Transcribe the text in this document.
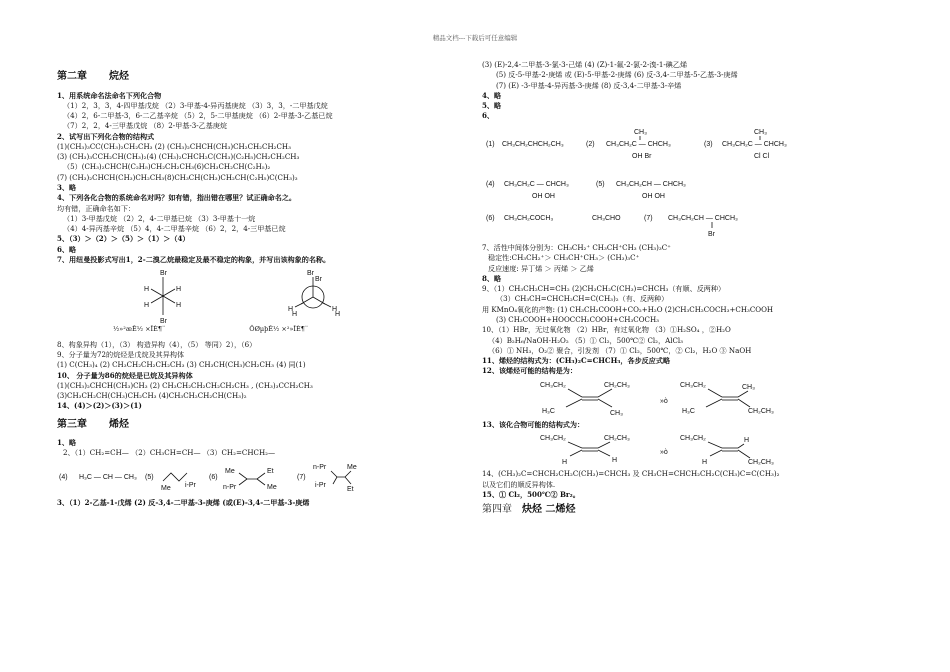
精品文档---下载后可任意编辑

第二章 烷烃

1、用系统命名法命名下列化合物

（1）2，3，3，4-四甲基戊烷 （2）3-甲基-4-异丙基庚烷 （3）3，3，-二甲基戊烷

（4）2，6-二甲基-3，6-二乙基辛烷 （5）2，5-二甲基庚烷 （6）2-甲基-3-乙基已烷

（7）2，2，4-三甲基戊烷 （8）2-甲基-3-乙基庚烷

2、试写出下列化合物的结构式

(1)(CH₃)₃CC(CH₃)₂CH₂CH₃ (2) (CH₃)₂CHCH(CH₃)CH₂CH₂CH₂CH₃

(3) (CH₃)₃CCH₂CH(CH₃)₂(4) (CH₃)₂CHCH₂C(CH₃)(C₂H₅)CH₂CH₂CH₃

（5）(CH₃)₂CHCH(C₂H₅)CH₂CH₂CH₃(6)CH₃CH₂CH(C₂H₅)₂

(7) (CH₃)₂CHCH(CH₃)CH₂CH₃(8)CH₃CH(CH₃)CH₂CH(C₂H₅)C(CH₃)₃

3、略

4、下列各化合物的系统命名对吗？如有错，指出错在哪里？试正确命名之。

均有错，正确命名如下：

（1）3-甲基戊烷 （2）2，4-二甲基已烷 （3）3-甲基十一烷

（4）4-异丙基辛烷 （5）4，4-二甲基辛烷 （6）2，2，4-三甲基已烷

5、（3）＞（2）＞（5）＞（1）＞（4）

6、略

7、用纽曼投影式写出1，2-二溴乙烷最稳定及最不稳定的构象，并写出该构象的名称。

Br
H	H
H	H
Br
Br
Br
H
H
H
H
½»²æÊ½ ×ÎÈ¶¨	ÖØµþÊ½ ×²»ÎÈ¶¨

8、构象异构（1），（3） 构造异构（4），（5） 等同）2），（6）

9、分子量为72的烷烃是戊烷及其异构体

(1) C(CH₃)₄ (2) CH₃CH₂CH₂CH₂CH₃ (3) CH₃CH(CH₃)CH₂CH₃ (4) 同(1)

10、 分子量为86的烷烃是已烷及其异构体

(1)(CH₃)₂CHCH(CH₃)CH₃ (2) CH₃CH₂CH₂CH₂CH₂CH₃ , (CH₃)₃CCH₂CH₃

(3)CH₃CH₂CH(CH₃)CH₂CH₃ (4)CH₃CH₂CH₂CH(CH₃)₂

14、(4)＞(2)＞(3)＞(1)

第三章 烯烃

1、略

2、（1）CH₂=CH— （2）CH₃CH=CH— （3）CH₂=CHCH₂—

(4) H₃C — CH — CH₃ (5)
Me i-Pr
(6)
Me
n-Pr
Et
Me
(7)
n-Pr
i-Pr
Me
Et

3、（1）2-乙基-1-戊烯 (2) 反-3,4-二甲基-3-庚烯 (或(E)-3,4-二甲基-3-庚烯

(3) (E)-2,4-二甲基-3-氯-3-己烯 (4) (Z)-1-氟-2-氯-2-溴-1-碘乙烯

(5) 反-5-甲基-2-庚烯 或 (E)-5-甲基-2-庚烯 (6) 反-3,4-二甲基-5-乙基-3-庚烯

(7) (E) -3-甲基-4-异丙基-3-庚烯 (8) 反-3,4-二甲基-3-辛烯

4、略

5、略

6、

(1) CH₃CH₂CHCH₂CH₃	(2)
CH₃
CH₃CH₂C — CHCH₃
OH Br
(3)
CH₃
CH₃CH₂C — CHCH₃
Cl Cl
(4) CH₃CH₂C — CHCH₃
OH OH
(5) CH₃CH₂CH — CHCH₃
OH OH
(6) CH₃CH₂COCH₃	CH₃CHO	(7) CH₃CH₂CH — CHCH₃
Br

7、活性中间体分别为：CH₃CH₂⁺ CH₃CH⁺CH₃ (CH₃)₃C⁺

稳定性:CH₃CH₂⁺＞ CH₃CH⁺CH₃＞ (CH₃)₃C⁺

反应速度: 异丁烯 ＞ 丙烯 ＞ 乙烯

8、略

9、（1）CH₃CH₂CH=CH₂ (2)CH₃CH₂C(CH₃)=CHCH₃（有顺、反两种）

（3）CH₃CH=CHCH₂CH=C(CH₃)₂（有、反两种）

用 KMnO₄氧化的产物: (1) CH₃CH₂COOH+CO₂+H₂O (2)CH₃CH₂COCH₃+CH₃COOH

(3) CH₃COOH+HOOCCH₂COOH+CH₃COCH₃

10、（1）HBr，无过氧化物 （2）HBr，有过氧化物 （3）①H₂SO₄ ，②H₂O

（4）B₂H₆/NaOH-H₂O₂ （5）① Cl₂，500℃② Cl₂，AlCl₃

（6）① NH₃，O₂② 聚合，引发剂 （7）① Cl₂，500℃，② Cl₂，H₂O ③ NaOH

11、烯烃的结构式为：(CH₃)₂C=CHCH₃，各步反应式略

12、该烯烃可能的结构是为：

CH₃CH₂	CH₂CH₃
H₃C	CH₃
»ò
CH₃CH₂	CH₃
H₃C	CH₂CH₃

13、该化合物可能的结构式为：

CH₃CH₂	CH₂CH₃
H	H
»ò
CH₃CH₂	H
H	CH₂CH₃

14、(CH₃)₂C=CHCH₂CH₂C(CH₃)=CHCH₃ 及 CH₃CH=CHCH₂CH₂C(CH₃)C=C(CH₃)₂

以及它们的顺反异构体.

15、① Cl₂，500℃② Br₂。

第四章 炔烃 二烯烃
